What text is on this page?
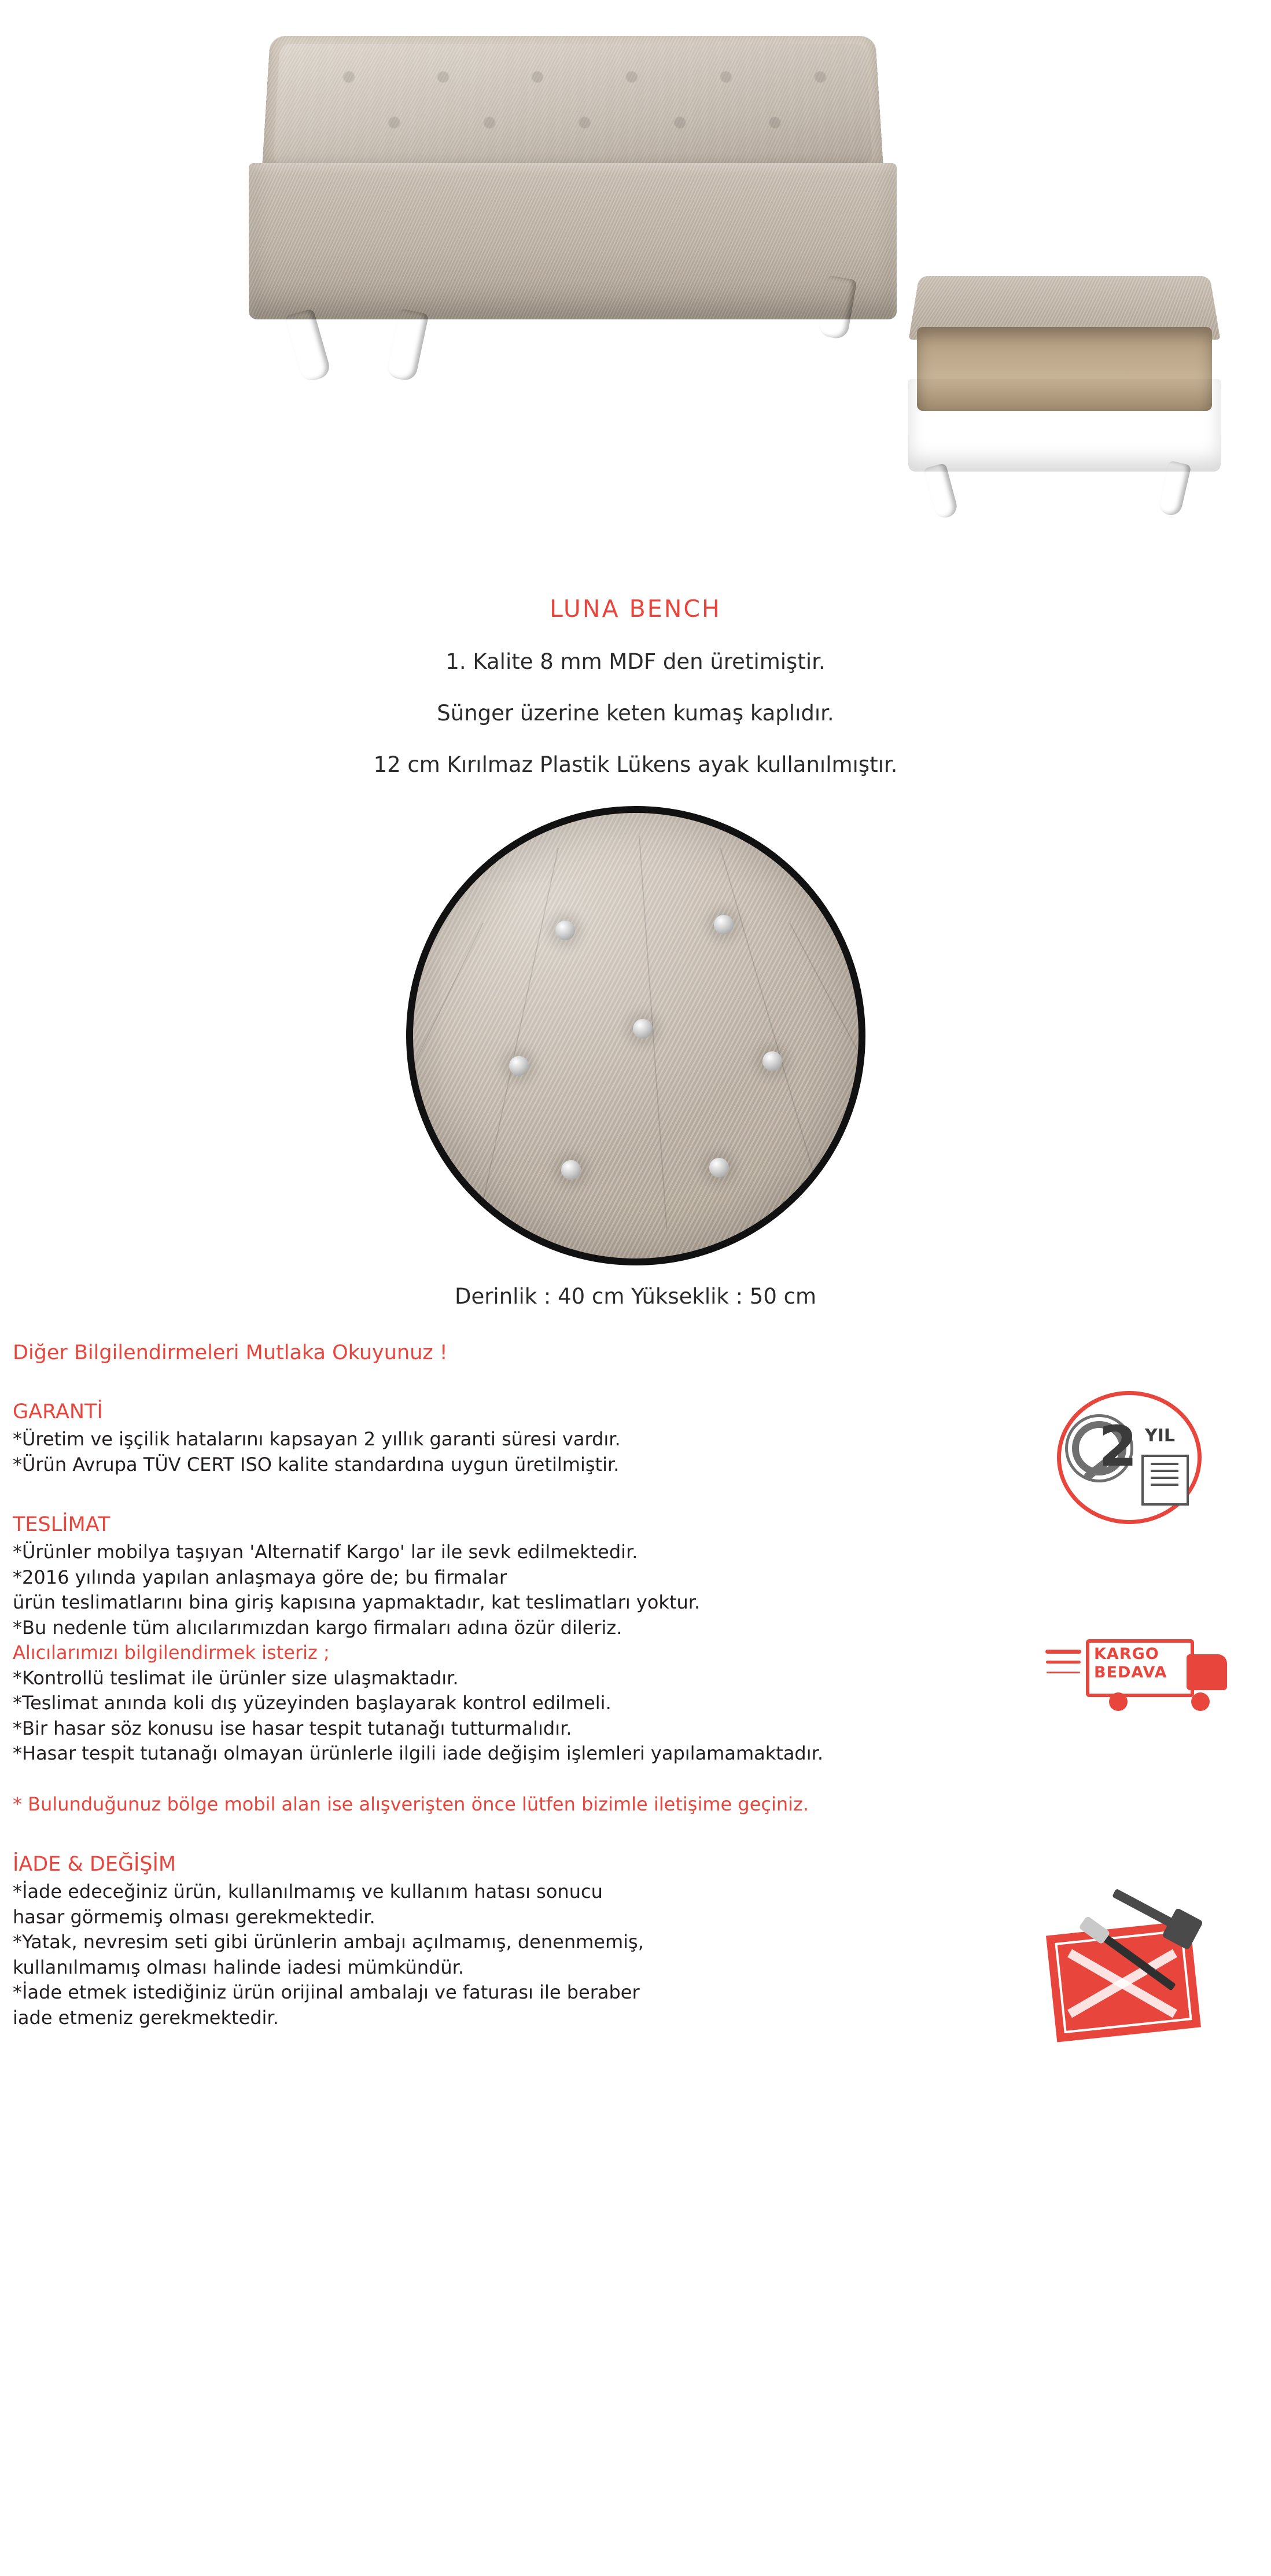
LUNA BENCH
1. Kalite 8 mm MDF den üretimiştir.
Sünger üzerine keten kumaş kaplıdır.
12 cm Kırılmaz Plastik Lükens ayak kullanılmıştır.
Derinlik : 40 cm Yükseklik : 50 cm
Diğer Bilgilendirmeleri Mutlaka Okuyunuz !
GARANTİ
*Üretim ve işçilik hatalarını kapsayan 2 yıllık garanti süresi vardır.
*Ürün Avrupa TÜV CERT ISO kalite standardına uygun üretilmiştir.	2 YIL
TESLİMAT
*Ürünler mobilya taşıyan 'Alternatif Kargo' lar ile sevk edilmektedir.
*2016 yılında yapılan anlaşmaya göre de; bu firmalar
ürün teslimatlarını bina giriş kapısına yapmaktadır, kat teslimatları yoktur.
*Bu nedenle tüm alıcılarımızdan kargo firmaları adına özür dileriz.
Alıcılarımızı bilgilendirmek isteriz ;
*Kontrollü teslimat ile ürünler size ulaşmaktadır.
*Teslimat anında koli dış yüzeyinden başlayarak kontrol edilmeli.
*Bir hasar söz konusu ise hasar tespit tutanağı tutturmalıdır.
*Hasar tespit tutanağı olmayan ürünlerle ilgili iade değişim işlemleri yapılamamaktadır.
KARGO
BEDAVA
* Bulunduğunuz bölge mobil alan ise alışverişten önce lütfen bizimle iletişime geçiniz.
İADE & DEĞİŞİM
*İade edeceğiniz ürün, kullanılmamış ve kullanım hatası sonucu
hasar görmemiş olması gerekmektedir.
*Yatak, nevresim seti gibi ürünlerin ambajı açılmamış, denenmemiş,
kullanılmamış olması halinde iadesi mümkündür.
*İade etmek istediğiniz ürün orijinal ambalajı ve faturası ile beraber
iade etmeniz gerekmektedir.
